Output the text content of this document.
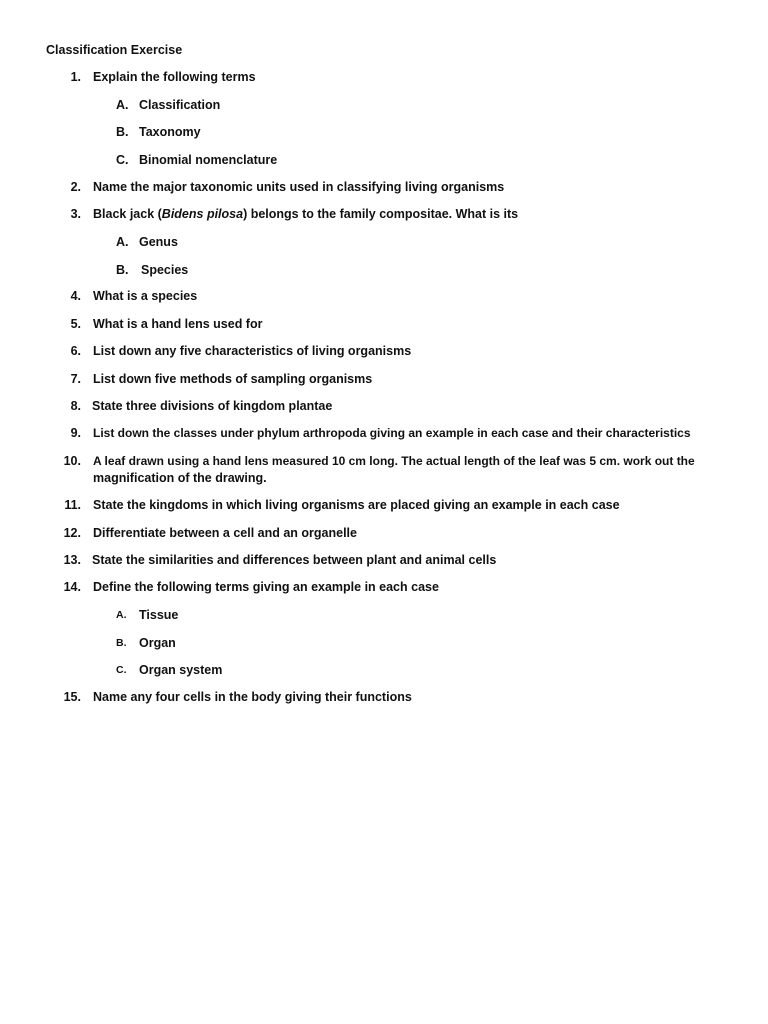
Classification Exercise
1. Explain the following terms
A. Classification
B. Taxonomy
C. Binomial nomenclature
2. Name the major taxonomic units used in classifying living organisms
3. Black jack (Bidens pilosa) belongs to the family compositae. What is its
A. Genus
B. Species
4. What is a species
5. What is a hand lens used for
6. List down any five characteristics of living organisms
7. List down five methods of sampling organisms
8. State three divisions of kingdom plantae
9. List down the classes under phylum arthropoda giving an example in each case and their characteristics
10. A leaf drawn using a hand lens measured 10 cm long. The actual length of the leaf was 5 cm. work out the
magnification of the drawing.
11. State the kingdoms in which living organisms are placed giving an example in each case
12. Differentiate between a cell and an organelle
13. State the similarities and differences between plant and animal cells
14. Define the following terms giving an example in each case
A. Tissue
B. Organ
C. Organ system
15. Name any four cells in the body giving their functions
